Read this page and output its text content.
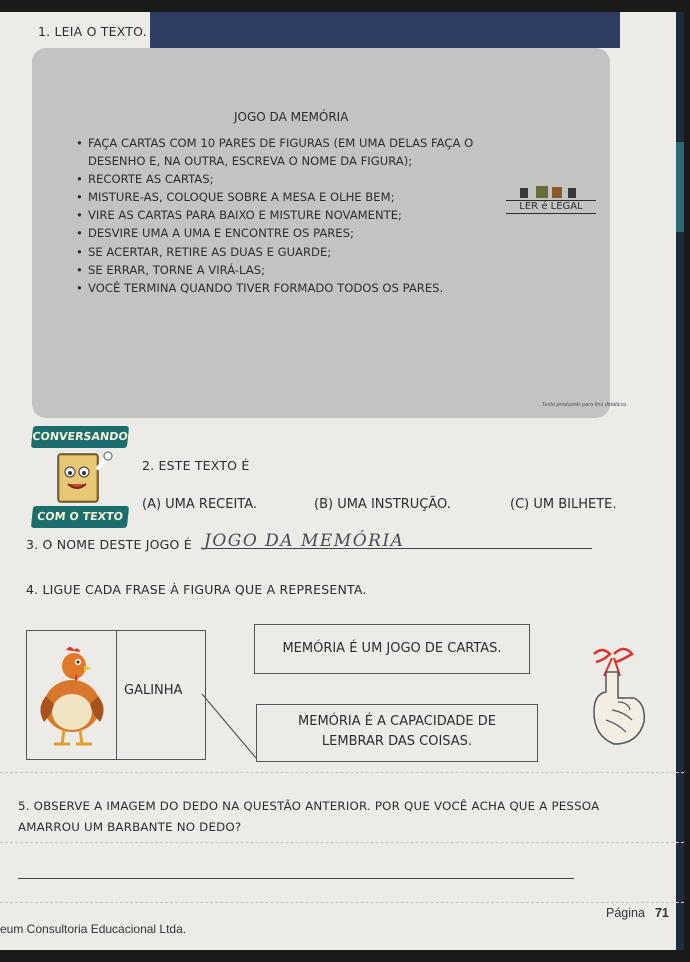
1. LEIA O TEXTO.
JOGO DA MEMÓRIA
• FAÇA CARTAS COM 10 PARES DE FIGURAS (EM UMA DELAS FAÇA O DESENHO E, NA OUTRA, ESCREVA O NOME DA FIGURA);
• RECORTE AS CARTAS;
• MISTURE-AS, COLOQUE SOBRE A MESA E OLHE BEM;
• VIRE AS CARTAS PARA BAIXO E MISTURE NOVAMENTE;
• DESVIRE UMA A UMA E ENCONTRE OS PARES;
• SE ACERTAR, RETIRE AS DUAS E GUARDE;
• SE ERRAR, TORNE A VIRÁ-LAS;
• VOCÊ TERMINA QUANDO TIVER FORMADO TODOS OS PARES.
LER é LEGAL
Texto produzido para fins didáticos.
CONVERSANDO
COM O TEXTO
2. ESTE TEXTO É
(A) UMA RECEITA.	(B) UMA INSTRUÇÃO.	(C) UM BILHETE.
3. O NOME DESTE JOGO É JOGO DA MEMÓRIA
4. LIGUE CADA FRASE À FIGURA QUE A REPRESENTA.
GALINHA
MEMÓRIA É UM JOGO DE CARTAS.
MEMÓRIA É A CAPACIDADE DE
LEMBRAR DAS COISAS.
5. OBSERVE A IMAGEM DO DEDO NA QUESTÃO ANTERIOR. POR QUE VOCÊ ACHA QUE A PESSOA
AMARROU UM BARBANTE NO DEDO?
eum Consultoria Educacional Ltda.
Página 71
